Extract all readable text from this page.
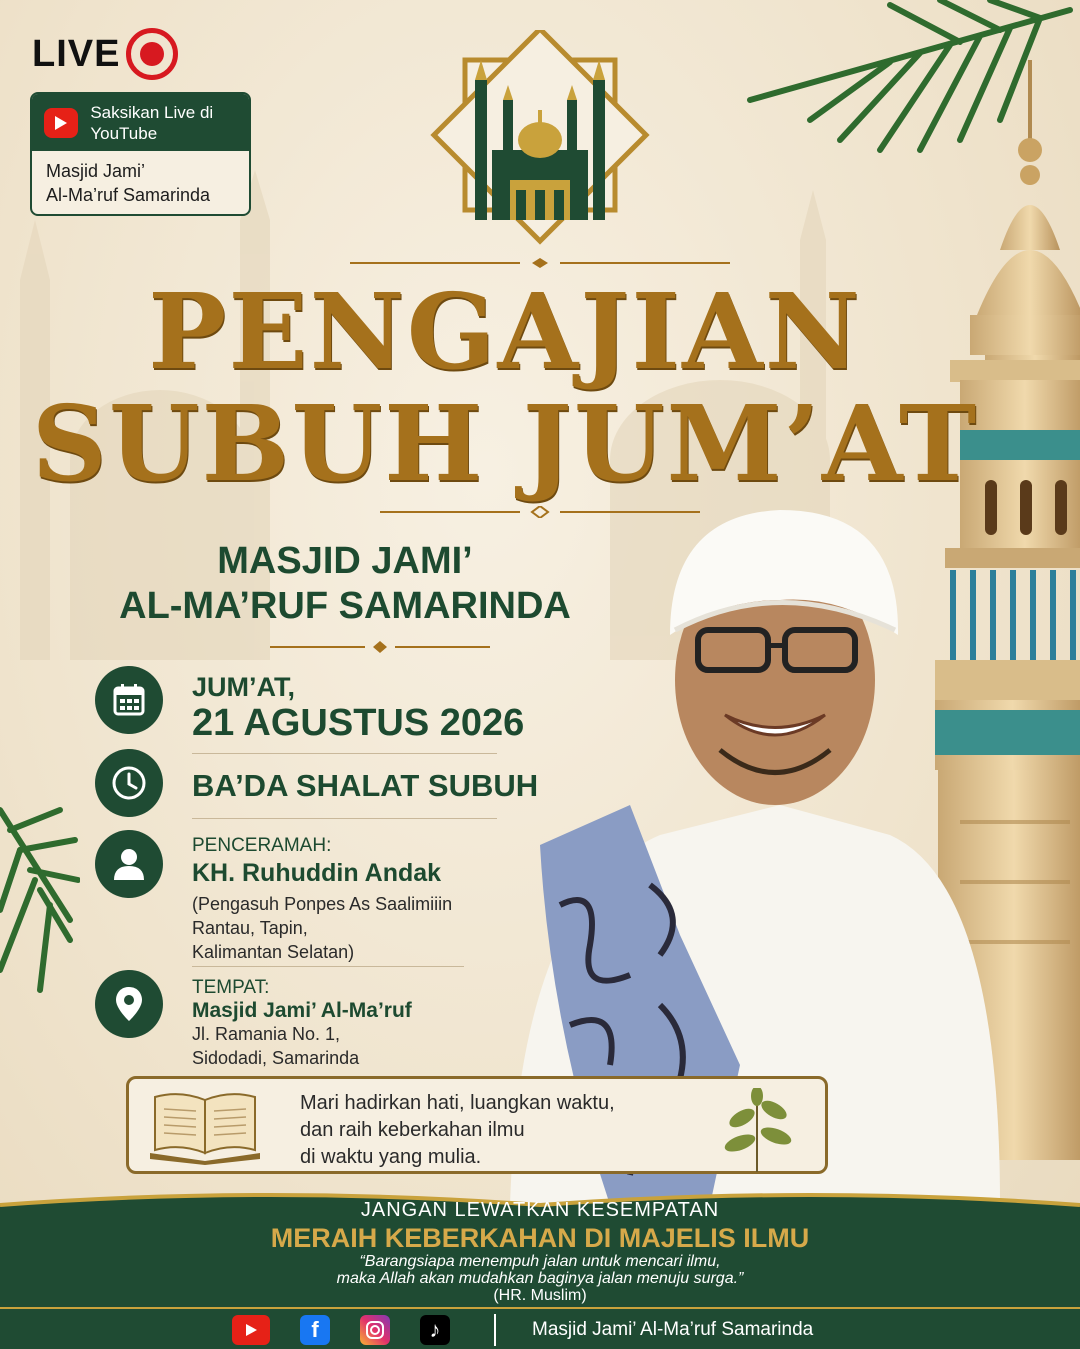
LIVE
Saksikan Live di YouTube
Masjid Jami’
Al-Ma’ruf Samarinda
PENGAJIAN
SUBUH JUM’AT
MASJID JAMI’
AL-MA’RUF SAMARINDA
JUM’AT,
21 AGUSTUS 2026
BA’DA SHALAT SUBUH
PENCERAMAH:
KH. Ruhuddin Andak
(Pengasuh Ponpes As Saalimiiin
Rantau, Tapin,
Kalimantan Selatan)
TEMPAT:
Masjid Jami’ Al-Ma’ruf
Jl. Ramania No. 1,
Sidodadi, Samarinda
Mari hadirkan hati, luangkan waktu,
dan raih keberkahan ilmu
di waktu yang mulia.
JANGAN LEWATKAN KESEMPATAN
MERAIH KEBERKAHAN DI MAJELIS ILMU
“Barangsiapa menempuh jalan untuk mencari ilmu,
maka Allah akan mudahkan baginya jalan menuju surga.”
(HR. Muslim)
f	♪	Masjid Jami’ Al-Ma’ruf Samarinda
